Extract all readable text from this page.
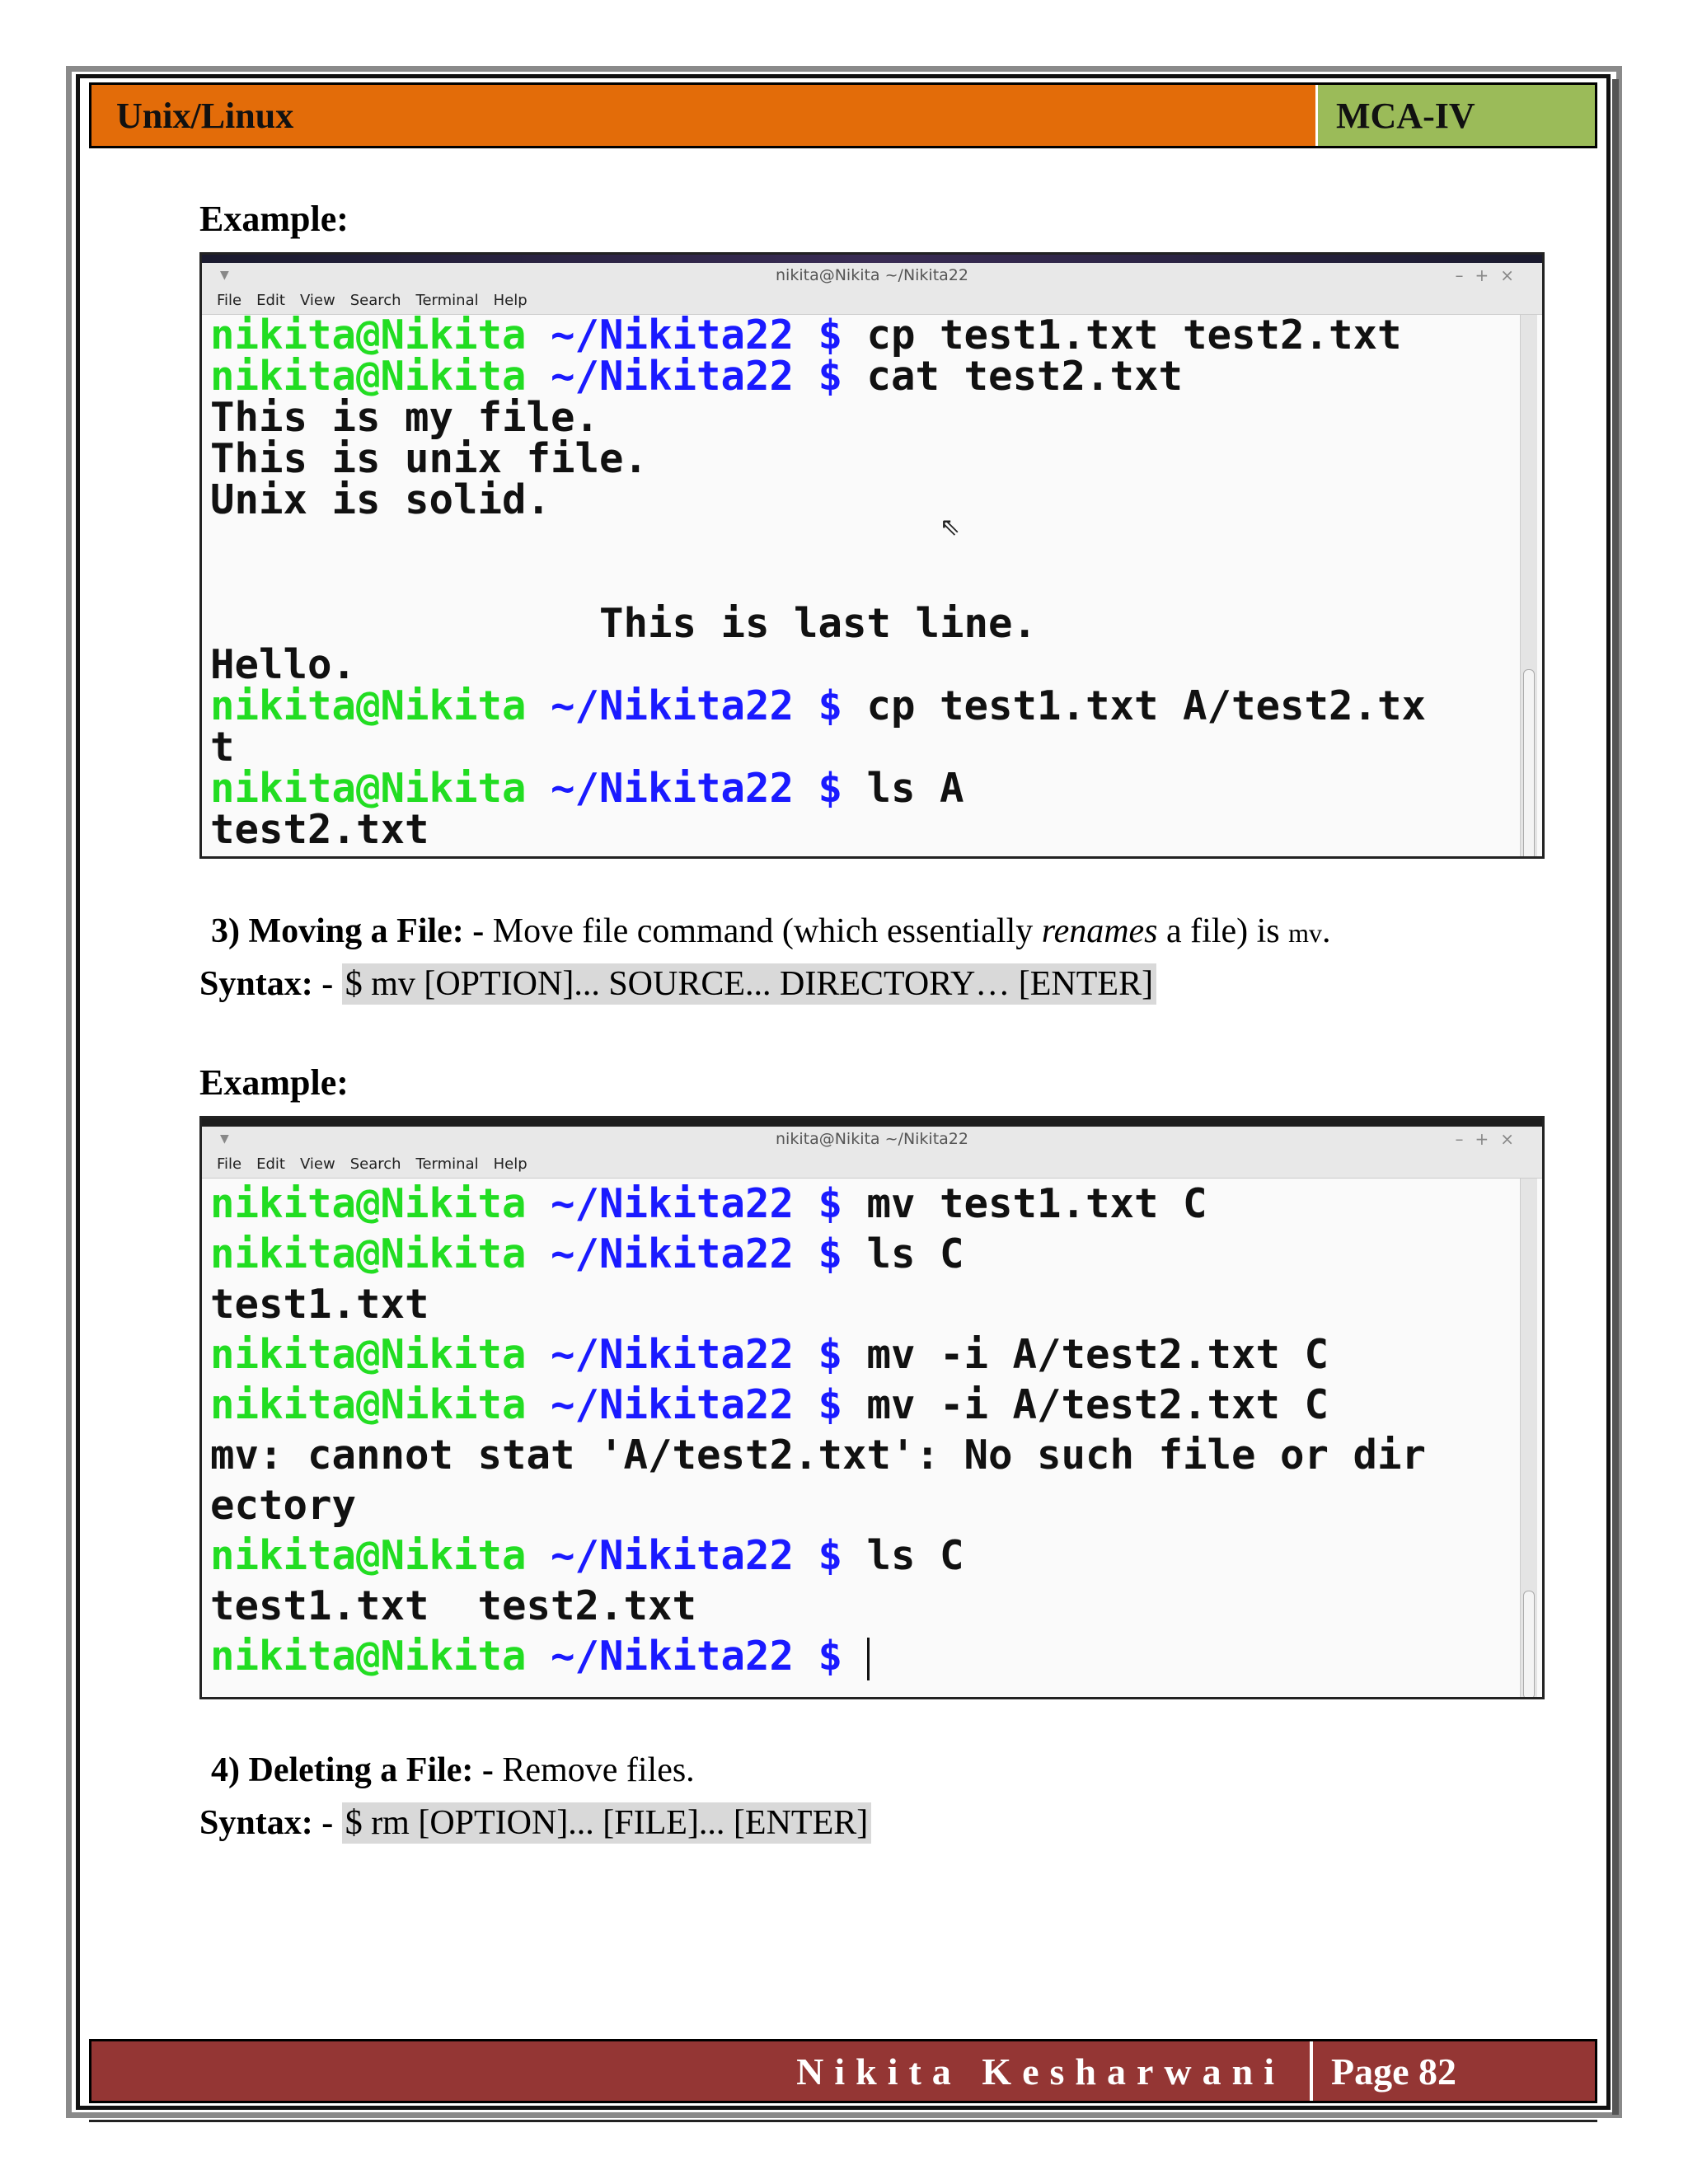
Unix/Linux	MCA-IV
Example:
▼	nikita@Nikita ~/Nikita22	–+×
File Edit View Search Terminal Help
nikita@Nikita ~/Nikita22 $ cp test1.txt test2.txt
nikita@Nikita ~/Nikita22 $ cat test2.txt
This is my file.
This is unix file.
Unix is solid.
This is last line.
Hello.
nikita@Nikita ~/Nikita22 $ cp test1.txt A/test2.tx
t
nikita@Nikita ~/Nikita22 $ ls A
test2.txt
⇖
3) Moving a File: - Move file command (which essentially renames a file) is mv.
Syntax: - $ mv [OPTION]... SOURCE... DIRECTORY… [ENTER]
Example:
▼	nikita@Nikita ~/Nikita22	–+×
File Edit View Search Terminal Help
nikita@Nikita ~/Nikita22 $ mv test1.txt C
nikita@Nikita ~/Nikita22 $ ls C
test1.txt
nikita@Nikita ~/Nikita22 $ mv -i A/test2.txt C
nikita@Nikita ~/Nikita22 $ mv -i A/test2.txt C
mv: cannot stat 'A/test2.txt': No such file or dir
ectory
nikita@Nikita ~/Nikita22 $ ls C
test1.txt  test2.txt
nikita@Nikita ~/Nikita22 $
4) Deleting a File: - Remove files.
Syntax: - $ rm [OPTION]... [FILE]... [ENTER]
Nikita Kesharwani Page 82
